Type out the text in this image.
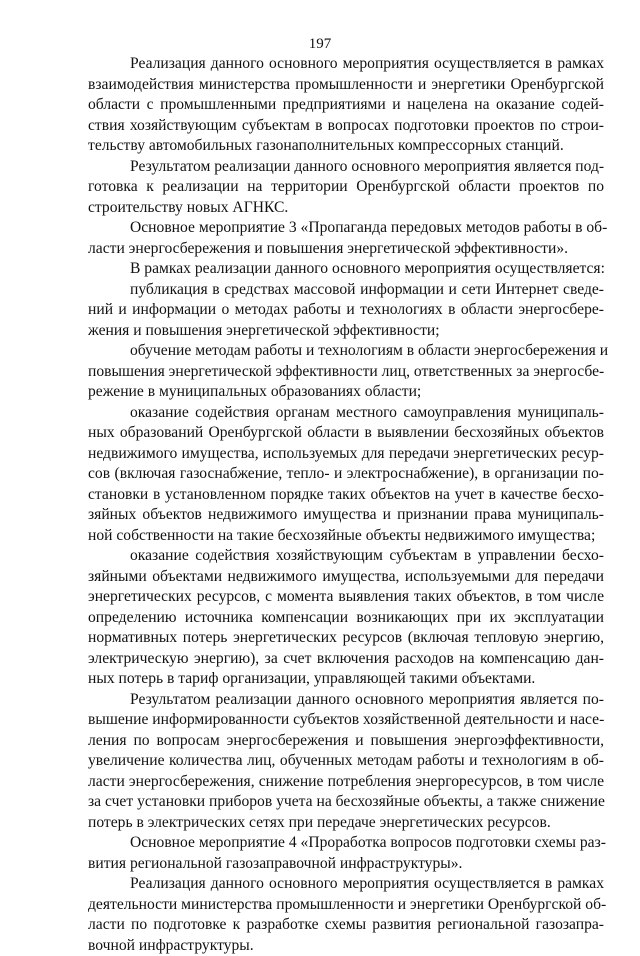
197
Реализация данного основного мероприятия осуществляется в рамках
взаимодействия министерства промышленности и энергетики Оренбургской
области с промышленными предприятиями и нацелена на оказание содей-
ствия хозяйствующим субъектам в вопросах подготовки проектов по строи-
тельству автомобильных газонаполнительных компрессорных станций.
Результатом реализации данного основного мероприятия является под-
готовка к реализации на территории Оренбургской области проектов по
строительству новых АГНКС.
Основное мероприятие 3 «Пропаганда передовых методов работы в об-
ласти энергосбережения и повышения энергетической эффективности».
В рамках реализации данного основного мероприятия осуществляется:
публикация в средствах массовой информации и сети Интернет сведе-
ний и информации о методах работы и технологиях в области энергосбере-
жения и повышения энергетической эффективности;
обучение методам работы и технологиям в области энергосбережения и
повышения энергетической эффективности лиц, ответственных за энергосбе-
режение в муниципальных образованиях области;
оказание содействия органам местного самоуправления муниципаль-
ных образований Оренбургской области в выявлении бесхозяйных объектов
недвижимого имущества, используемых для передачи энергетических ресур-
сов (включая газоснабжение, тепло- и электроснабжение), в организации по-
становки в установленном порядке таких объектов на учет в качестве бесхо-
зяйных объектов недвижимого имущества и признании права муниципаль-
ной собственности на такие бесхозяйные объекты недвижимого имущества;
оказание содействия хозяйствующим субъектам в управлении бесхо-
зяйными объектами недвижимого имущества, используемыми для передачи
энергетических ресурсов, с момента выявления таких объектов, в том числе
определению источника компенсации возникающих при их эксплуатации
нормативных потерь энергетических ресурсов (включая тепловую энергию,
электрическую энергию), за счет включения расходов на компенсацию дан-
ных потерь в тариф организации, управляющей такими объектами.
Результатом реализации данного основного мероприятия является по-
вышение информированности субъектов хозяйственной деятельности и насе-
ления по вопросам энергосбережения и повышения энергоэффективности,
увеличение количества лиц, обученных методам работы и технологиям в об-
ласти энергосбережения, снижение потребления энергоресурсов, в том числе
за счет установки приборов учета на бесхозяйные объекты, а также снижение
потерь в электрических сетях при передаче энергетических ресурсов.
Основное мероприятие 4 «Проработка вопросов подготовки схемы раз-
вития региональной газозаправочной инфраструктуры».
Реализация данного основного мероприятия осуществляется в рамках
деятельности министерства промышленности и энергетики Оренбургской об-
ласти по подготовке к разработке схемы развития региональной газозапра-
вочной инфраструктуры.
